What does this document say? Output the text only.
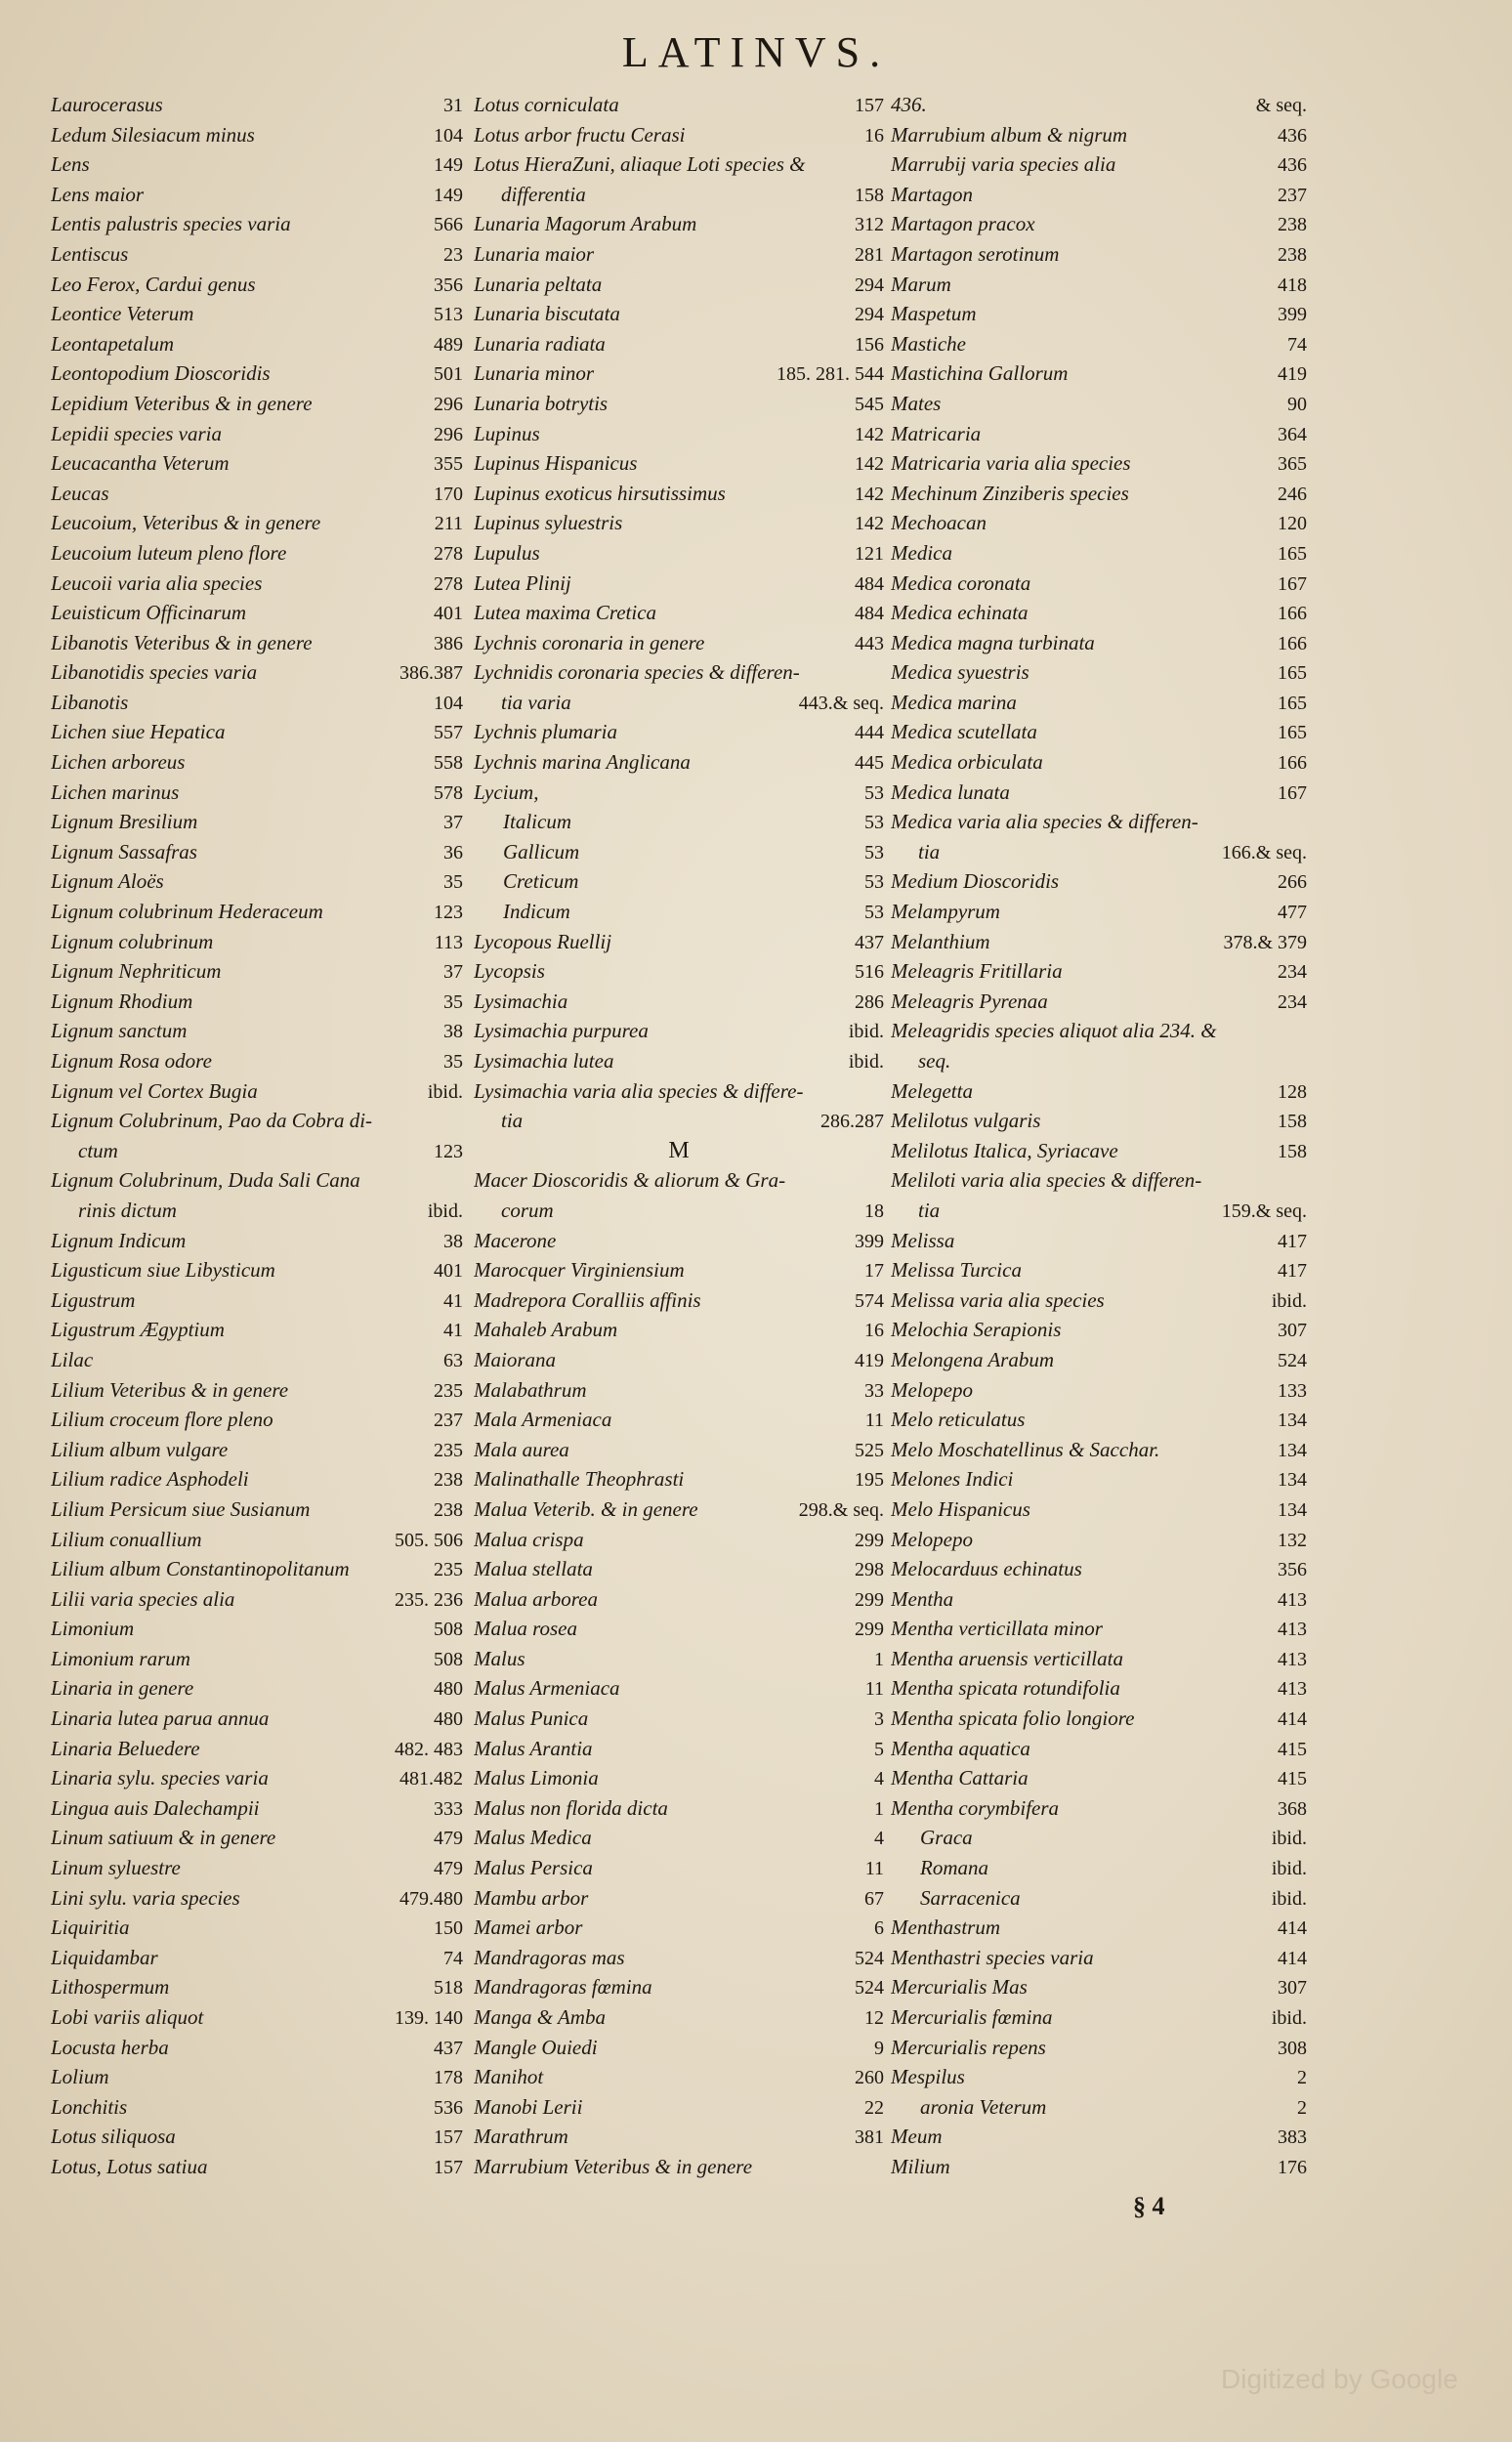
LATINVS.
Laurocerasus	31
Ledum Silesiacum minus	104
Lens	149
Lens maior	149
Lentis palustris species varia	566
Lentiscus	23
Leo Ferox, Cardui genus	356
Leontice Veterum	513
Leontapetalum	489
Leontopodium Dioscoridis	501
Lepidium Veteribus & in genere	296
Lepidii species varia	296
Leucacantha Veterum	355
Leucas	170
Leucoium, Veteribus & in genere	211
Leucoium luteum pleno flore	278
Leucoii varia alia species	278
Leuisticum Officinarum	401
Libanotis Veteribus & in genere	386
Libanotidis species varia	386.387
Libanotis	104
Lichen siue Hepatica	557
Lichen arboreus	558
Lichen marinus	578
Lignum Bresilium	37
Lignum Sassafras	36
Lignum Aloës	35
Lignum colubrinum Hederaceum	123
Lignum colubrinum	113
Lignum Nephriticum	37
Lignum Rhodium	35
Lignum sanctum	38
Lignum Rosa odore	35
Lignum vel Cortex Bugia	ibid.
Lignum Colubrinum, Pao da Cobra di-
ctum	123
Lignum Colubrinum, Duda Sali Cana
rinis dictum	ibid.
Lignum Indicum	38
Ligusticum siue Libysticum	401
Ligustrum	41
Ligustrum Ægyptium	41
Lilac	63
Lilium Veteribus & in genere	235
Lilium croceum flore pleno	237
Lilium album vulgare	235
Lilium radice Asphodeli	238
Lilium Persicum siue Susianum	238
Lilium conuallium	505. 506
Lilium album Constantinopolitanum	235
Lilii varia species alia	235. 236
Limonium	508
Limonium rarum	508
Linaria in genere	480
Linaria lutea parua annua	480
Linaria Beluedere	482. 483
Linaria sylu. species varia	481.482
Lingua auis Dalechampii	333
Linum satiuum & in genere	479
Linum syluestre	479
Lini sylu. varia species	479.480
Liquiritia	150
Liquidambar	74
Lithospermum	518
Lobi variis aliquot	139. 140
Locusta herba	437
Lolium	178
Lonchitis	536
Lotus siliquosa	157
Lotus, Lotus satiua	157
Lotus corniculata	157
Lotus arbor fructu Cerasi	16
Lotus HieraZuni, aliaque Loti species &
differentia	158
Lunaria Magorum Arabum	312
Lunaria maior	281
Lunaria peltata	294
Lunaria biscutata	294
Lunaria radiata	156
Lunaria minor	185. 281. 544
Lunaria botrytis	545
Lupinus	142
Lupinus Hispanicus	142
Lupinus exoticus hirsutissimus	142
Lupinus syluestris	142
Lupulus	121
Lutea Plinij	484
Lutea maxima Cretica	484
Lychnis coronaria in genere	443
Lychnidis coronaria species & differen-
tia varia	443.& seq.
Lychnis plumaria	444
Lychnis marina Anglicana	445
Lycium,	53
Italicum	53
Gallicum	53
Creticum	53
Indicum	53
Lycopous Ruellij	437
Lycopsis	516
Lysimachia	286
Lysimachia purpurea	ibid.
Lysimachia lutea	ibid.
Lysimachia varia alia species & differe-
tia	286.287
M
Macer Dioscoridis & aliorum & Gra-
corum	18
Macerone	399
Marocquer Virginiensium	17
Madrepora Coralliis affinis	574
Mahaleb Arabum	16
Maiorana	419
Malabathrum	33
Mala Armeniaca	11
Mala aurea	525
Malinathalle Theophrasti	195
Malua Veterib. & in genere	298.& seq.
Malua crispa	299
Malua stellata	298
Malua arborea	299
Malua rosea	299
Malus	1
Malus Armeniaca	11
Malus Punica	3
Malus Arantia	5
Malus Limonia	4
Malus non florida dicta	1
Malus Medica	4
Malus Persica	11
Mambu arbor	67
Mamei arbor	6
Mandragoras mas	524
Mandragoras fœmina	524
Manga & Amba	12
Mangle Ouiedi	9
Manihot	260
Manobi Lerii	22
Marathrum	381
Marrubium Veteribus & in genere
436.	& seq.
Marrubium album & nigrum	436
Marrubij varia species alia	436
Martagon	237
Martagon pracox	238
Martagon serotinum	238
Marum	418
Maspetum	399
Mastiche	74
Mastichina Gallorum	419
Mates	90
Matricaria	364
Matricaria varia alia species	365
Mechinum Zinziberis species	246
Mechoacan	120
Medica	165
Medica coronata	167
Medica echinata	166
Medica magna turbinata	166
Medica syuestris	165
Medica marina	165
Medica scutellata	165
Medica orbiculata	166
Medica lunata	167
Medica varia alia species & differen-
tia	166.& seq.
Medium Dioscoridis	266
Melampyrum	477
Melanthium	378.& 379
Meleagris Fritillaria	234
Meleagris Pyrenaa	234
Meleagridis species aliquot alia 234. &
seq.
Melegetta	128
Melilotus vulgaris	158
Melilotus Italica, Syriacave	158
Meliloti varia alia species & differen-
tia	159.& seq.
Melissa	417
Melissa Turcica	417
Melissa varia alia species	ibid.
Melochia Serapionis	307
Melongena Arabum	524
Melopepo	133
Melo reticulatus	134
Melo Moschatellinus & Sacchar.	134
Melones Indici	134
Melo Hispanicus	134
Melopepo	132
Melocarduus echinatus	356
Mentha	413
Mentha verticillata minor	413
Mentha aruensis verticillata	413
Mentha spicata rotundifolia	413
Mentha spicata folio longiore	414
Mentha aquatica	415
Mentha Cattaria	415
Mentha corymbifera	368
Graca	ibid.
Romana	ibid.
Sarracenica	ibid.
Menthastrum	414
Menthastri species varia	414
Mercurialis Mas	307
Mercurialis fœmina	ibid.
Mercurialis repens	308
Mespilus	2
aronia Veterum	2
Meum	383
Milium	176
§ 4
Digitized by Google
